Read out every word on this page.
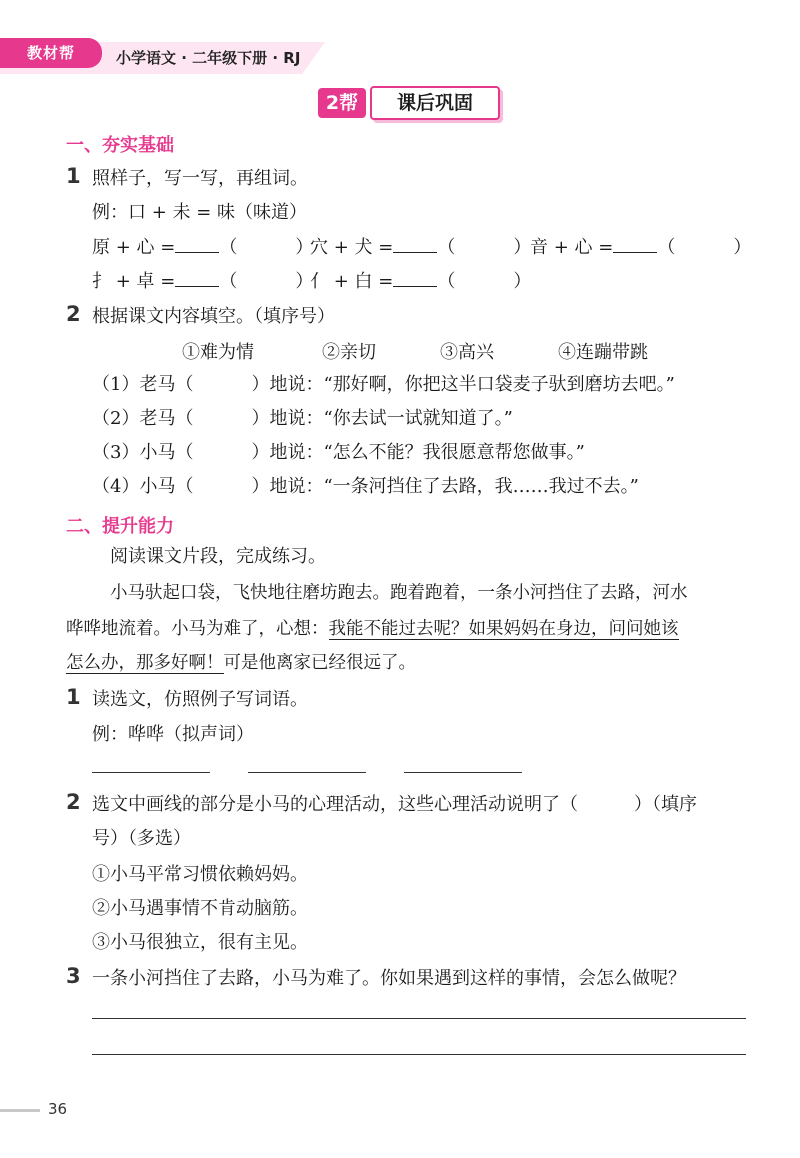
教材帮	小学语文 · 二年级下册 · RJ
2帮	课后巩固
一、夯实基础
1 照样子，写一写，再组词。
例：口 + 未 = 味（味道）
原 + 心 = （	）
穴 + 犬 = （	）
音 + 心 = （	）
扌 + 卓 = （	）
亻 + 白 = （	）
2 根据课文内容填空。（填序号）
①难为情	②亲切	③高兴	④连蹦带跳
（1）老马（	）地说：“那好啊，你把这半口袋麦子驮到磨坊去吧。”
（2）老马（	）地说：“你去试一试就知道了。”
（3）小马（	）地说：“怎么不能？我很愿意帮您做事。”
（4）小马（	）地说：“一条河挡住了去路，我……我过不去。”
二、提升能力
阅读课文片段，完成练习。
小马驮起口袋，飞快地往磨坊跑去。跑着跑着，一条小河挡住了去路，河水
哗哗地流着。小马为难了，心想：我能不能过去呢？如果妈妈在身边，问问她该
怎么办，那多好啊！可是他离家已经很远了。
1 读选文，仿照例子写词语。
例：哗哗（拟声词）
2 选文中画线的部分是小马的心理活动，这些心理活动说明了（	）（填序
号）（多选）
①小马平常习惯依赖妈妈。
②小马遇事情不肯动脑筋。
③小马很独立，很有主见。
3 一条小河挡住了去路，小马为难了。你如果遇到这样的事情，会怎么做呢？
36
